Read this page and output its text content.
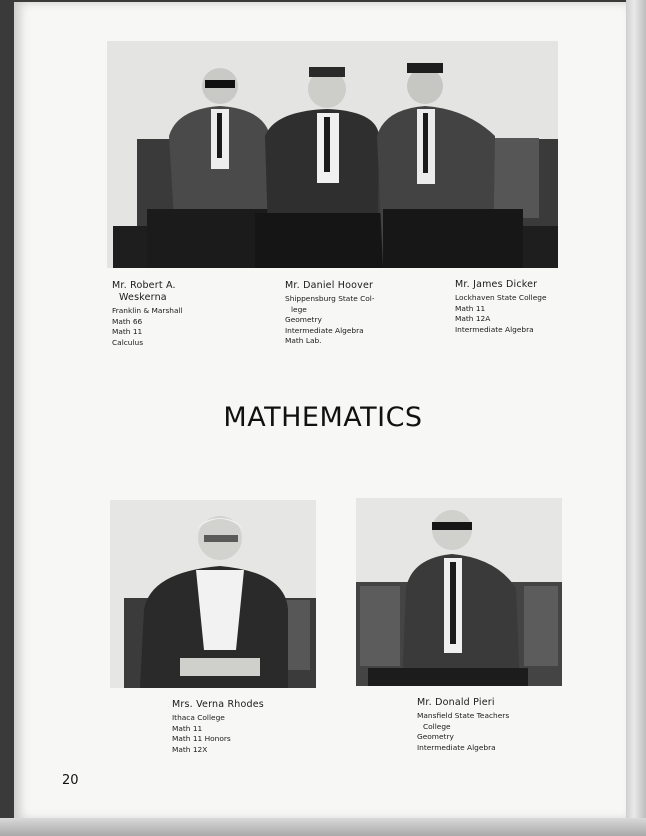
Mr. Robert A.
Weskerna
Franklin & Marshall
Math 66
Math 11
Calculus
Mr. Daniel Hoover
Shippensburg State Col-
lege
Geometry
Intermediate Algebra
Math Lab.
Mr. James Dicker
Lockhaven State College
Math 11
Math 12A
Intermediate Algebra
MATHEMATICS
Mrs. Verna Rhodes
Ithaca College
Math 11
Math 11 Honors
Math 12X
Mr. Donald Pieri
Mansfield State Teachers
College
Geometry
Intermediate Algebra
20
